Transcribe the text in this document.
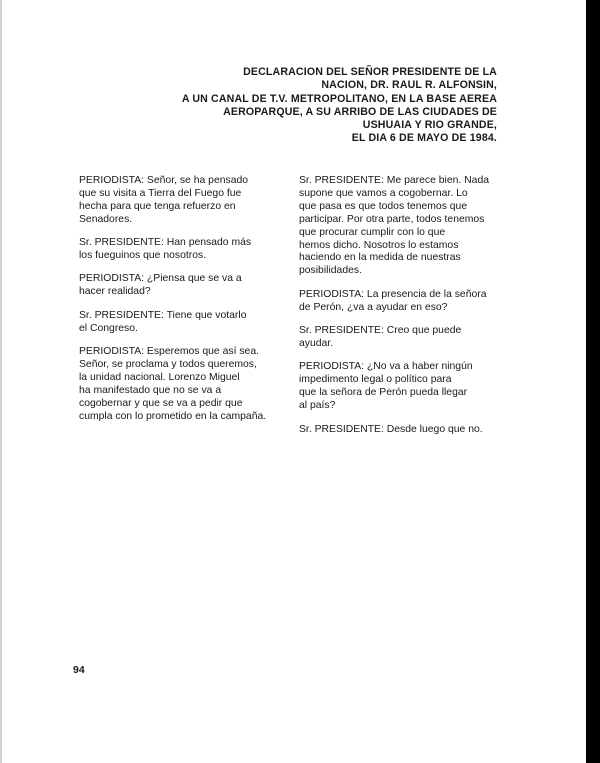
DECLARACION DEL SEÑOR PRESIDENTE DE LA
NACION, DR. RAUL R. ALFONSIN,
A UN CANAL DE T.V. METROPOLITANO, EN LA BASE AEREA
AEROPARQUE, A SU ARRIBO DE LAS CIUDADES DE
USHUAIA Y RIO GRANDE,
EL DIA 6 DE MAYO DE 1984.

PERIODISTA: Señor, se ha pensado
que su visita a Tierra del Fuego fue
hecha para que tenga refuerzo en
Senadores.

Sr. PRESIDENTE: Han pensado más
los fueguinos que nosotros.

PERIODISTA: ¿Piensa que se va a
hacer realidad?

Sr. PRESIDENTE: Tiene que votarlo
el Congreso.

PERIODISTA: Esperemos que así sea.
Señor, se proclama y todos queremos,
la unidad nacional. Lorenzo Miguel
ha manifestado que no se va a
cogobernar y que se va a pedir que
cumpla con lo prometido en la campaña.

Sr. PRESIDENTE: Me parece bien. Nada
supone que vamos a cogobernar. Lo
que pasa es que todos tenemos que
participar. Por otra parte, todos tenemos
que procurar cumplir con lo que
hemos dicho. Nosotros lo estamos
haciendo en la medida de nuestras
posibilidades.

PERIODISTA: La presencia de la señora
de Perón, ¿va a ayudar en eso?

Sr. PRESIDENTE: Creo que puede
ayudar.

PERIODISTA: ¿No va a haber ningún
impedimento legal o político para
que la señora de Perón pueda llegar
al país?

Sr. PRESIDENTE: Desde luego que no.

94
